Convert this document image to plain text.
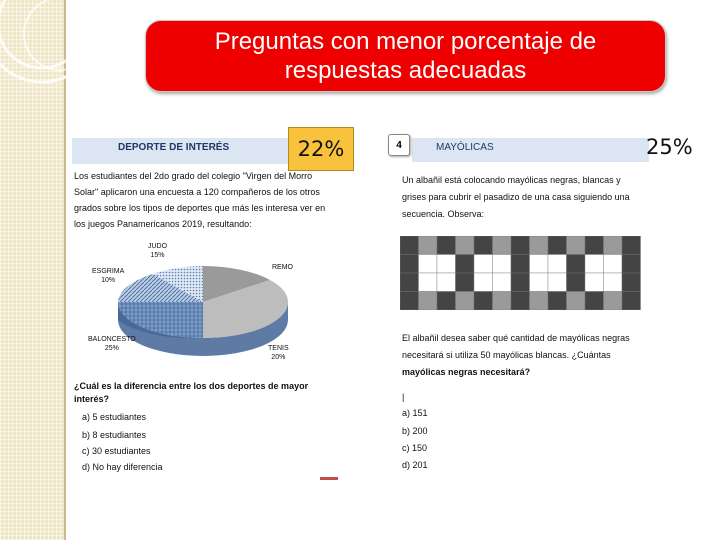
Preguntas con menor porcentaje de
respuestas adecuadas
DEPORTE DE INTERÉS
Los estudiantes del 2do grado del colegio "Virgen del Morro
Solar" aplicaron una encuesta a 120 compañeros de los otros
grados sobre los tipos de deportes que más les interesa ver en
los juegos Panamericanos 2019, resultando:
JUDO
15%
ESGRIMA
10%
REMO
BALONCESTO
25%	TENIS
20%
¿Cuál es la diferencia entre los dos deportes de mayor
interés?
a) 5 estudiantes
b) 8 estudiantes
c) 30 estudiantes
d) No hay diferencia
22%	MAYÓLICAS
Un albañil está colocando mayólicas negras, blancas y
grises para cubrir el pasadizo de una casa siguiendo una
secuencia. Observa:
El albañil desea saber qué cantidad de mayólicas negras
necesitará si utiliza 50 mayólicas blancas. ¿Cuántas
mayólicas negras necesitará?
|
a) 151
b) 200
c) 150
d) 201
4	25%
